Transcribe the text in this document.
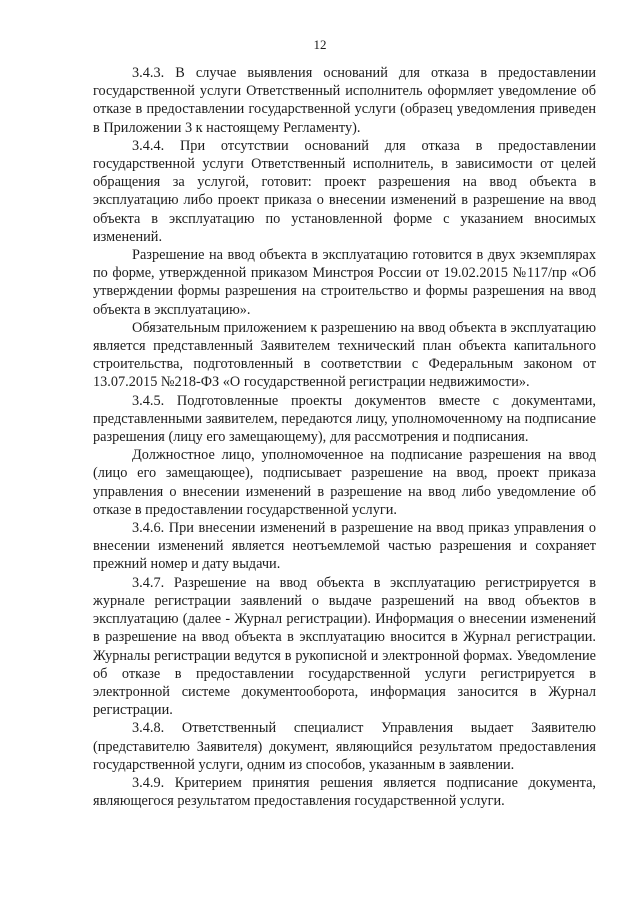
12

3.4.3. В случае выявления оснований для отказа в предоставлении государственной услуги Ответственный исполнитель оформляет уведомление об отказе в предоставлении государственной услуги (образец уведомления приведен в Приложении 3 к настоящему Регламенту).

3.4.4. При отсутствии оснований для отказа в предоставлении государственной услуги Ответственный исполнитель, в зависимости от целей обращения за услугой, готовит: проект разрешения на ввод объекта в эксплуатацию либо проект приказа о внесении изменений в разрешение на ввод объекта в эксплуатацию по установленной форме с указанием вносимых изменений.

Разрешение на ввод объекта в эксплуатацию готовится в двух экземплярах по форме, утвержденной приказом Минстроя России от 19.02.2015 №117/пр «Об утверждении формы разрешения на строительство и формы разрешения на ввод объекта в эксплуатацию».

Обязательным приложением к разрешению на ввод объекта в эксплуатацию является представленный Заявителем технический план объекта капитального строительства, подготовленный в соответствии с Федеральным законом от 13.07.2015 №218-ФЗ «О государственной регистрации недвижимости».

3.4.5. Подготовленные проекты документов вместе с документами, представленными заявителем, передаются лицу, уполномоченному на подписание разрешения (лицу его замещающему), для рассмотрения и подписания.

Должностное лицо, уполномоченное на подписание разрешения на ввод (лицо его замещающее), подписывает разрешение на ввод, проект приказа управления о внесении изменений в разрешение на ввод либо уведомление об отказе в предоставлении государственной услуги.

3.4.6. При внесении изменений в разрешение на ввод приказ управления о внесении изменений является неотъемлемой частью разрешения и сохраняет прежний номер и дату выдачи.

3.4.7. Разрешение на ввод объекта в эксплуатацию регистрируется в журнале регистрации заявлений о выдаче разрешений на ввод объектов в эксплуатацию (далее - Журнал регистрации). Информация о внесении изменений в разрешение на ввод объекта в эксплуатацию вносится в Журнал регистрации. Журналы регистрации ведутся в рукописной и электронной формах. Уведомление об отказе в предоставлении государственной услуги регистрируется в электронной системе документооборота, информация заносится в Журнал регистрации.

3.4.8. Ответственный специалист Управления выдает Заявителю (представителю Заявителя) документ, являющийся результатом предоставления государственной услуги, одним из способов, указанным в заявлении.

3.4.9. Критерием принятия решения является подписание документа, являющегося результатом предоставления государственной услуги.
